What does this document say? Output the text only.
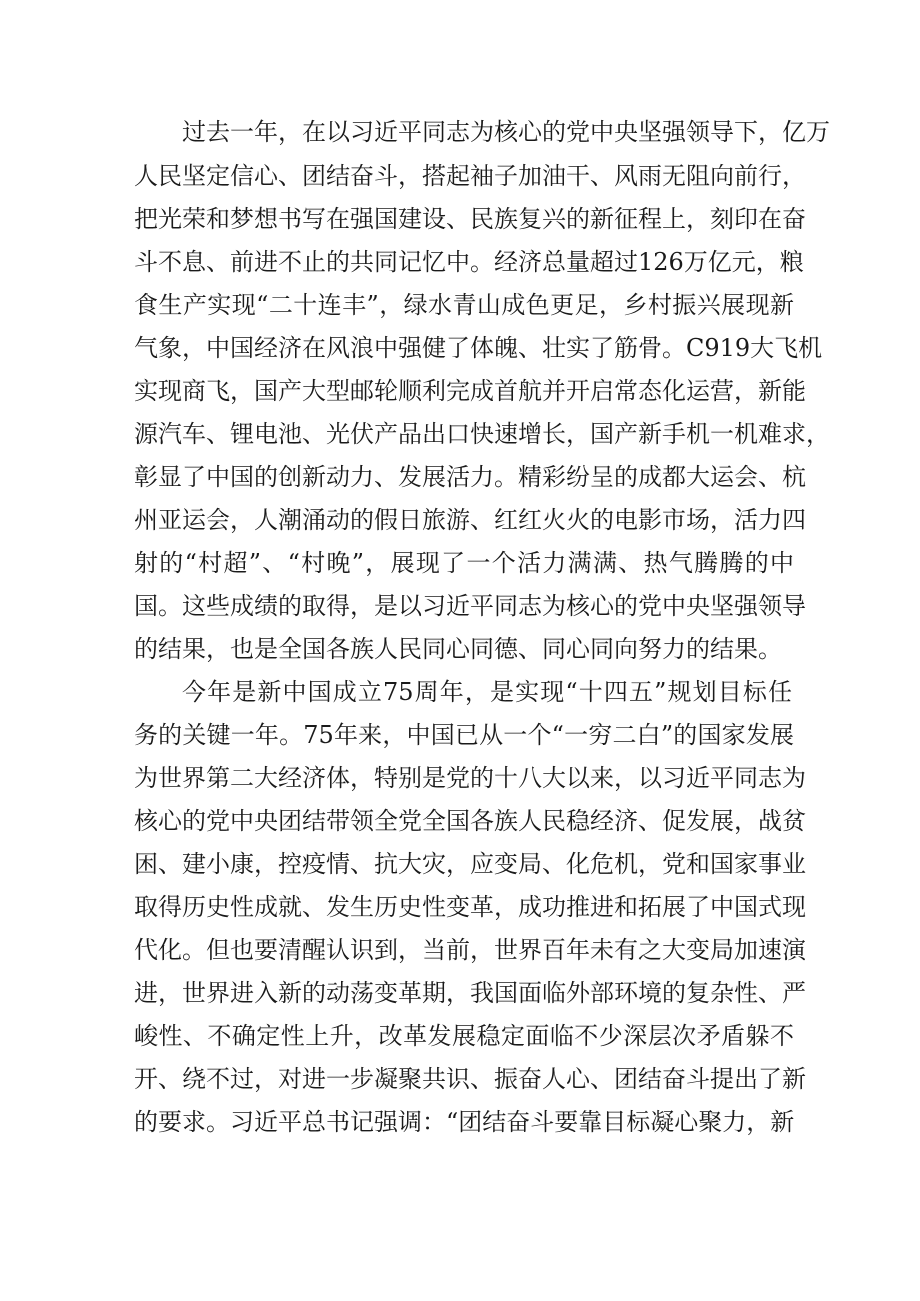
过去一年，在以习近平同志为核心的党中央坚强领导下，亿万
人民坚定信心、团结奋斗，搭起袖子加油干、风雨无阻向前行，
把光荣和梦想书写在强国建设、民族复兴的新征程上，刻印在奋
斗不息、前进不止的共同记忆中。经济总量超过126万亿元，粮
食生产实现“二十连丰”，绿水青山成色更足，乡村振兴展现新
气象，中国经济在风浪中强健了体魄、壮实了筋骨。C919大飞机
实现商飞，国产大型邮轮顺利完成首航并开启常态化运营，新能
源汽车、锂电池、光伏产品出口快速增长，国产新手机一机难求，
彰显了中国的创新动力、发展活力。精彩纷呈的成都大运会、杭
州亚运会，人潮涌动的假日旅游、红红火火的电影市场，活力四
射的“村超”、“村晚”，展现了一个活力满满、热气腾腾的中
国。这些成绩的取得，是以习近平同志为核心的党中央坚强领导
的结果，也是全国各族人民同心同德、同心同向努力的结果。
今年是新中国成立75周年，是实现“十四五”规划目标任
务的关键一年。75年来，中国已从一个“一穷二白”的国家发展
为世界第二大经济体，特别是党的十八大以来，以习近平同志为
核心的党中央团结带领全党全国各族人民稳经济、促发展，战贫
困、建小康，控疫情、抗大灾，应变局、化危机，党和国家事业
取得历史性成就、发生历史性变革，成功推进和拓展了中国式现
代化。但也要清醒认识到，当前，世界百年未有之大变局加速演
进，世界进入新的动荡变革期，我国面临外部环境的复杂性、严
峻性、不确定性上升，改革发展稳定面临不少深层次矛盾躲不
开、绕不过，对进一步凝聚共识、振奋人心、团结奋斗提出了新
的要求。习近平总书记强调：“团结奋斗要靠目标凝心聚力，新
